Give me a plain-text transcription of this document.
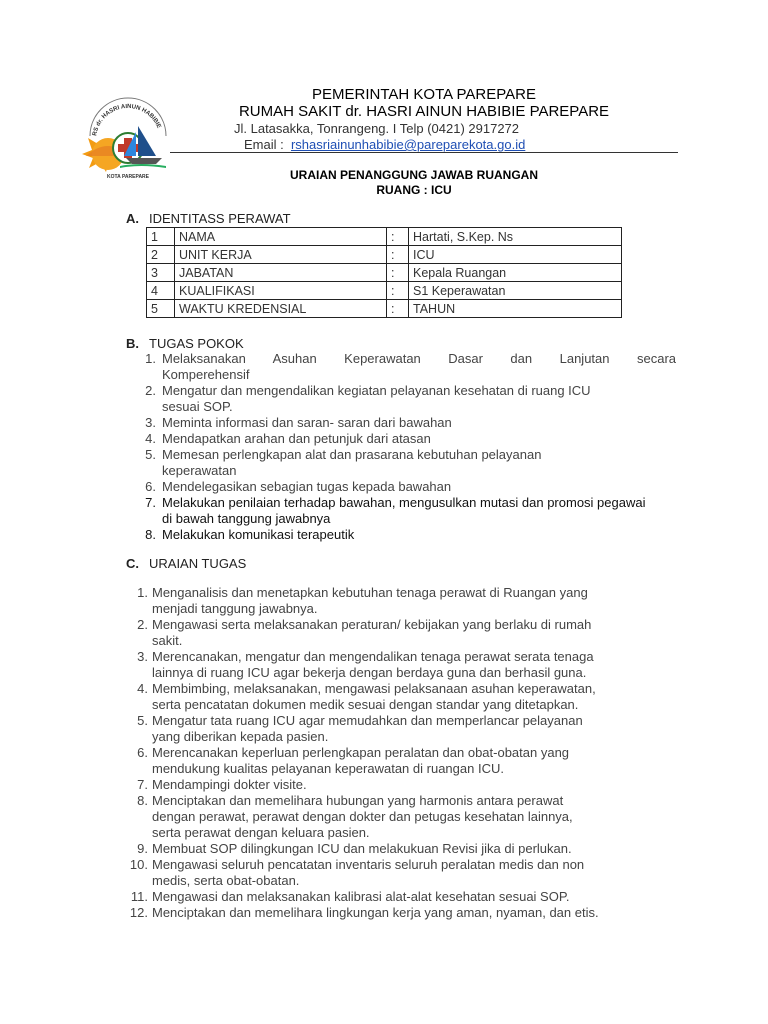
RS dr. HASRI AINUN HABIBIE
KOTA PAREPARE
PEMERINTAH KOTA PAREPARE
RUMAH SAKIT dr. HASRI AINUN HABIBIE PAREPARE
Jl. Latasakka, Tonrangeng. I Telp (0421) 2917272
Email : rshasriainunhabibie@pareparekota.go.id
URAIAN PENANGGUNG JAWAB RUANGAN
RUANG : ICU
A. IDENTITASS PERAWAT
1	NAMA	:	Hartati, S.Kep. Ns
2	UNIT KERJA	:	ICU
3	JABATAN	:	Kepala Ruangan
4	KUALIFIKASI	:	S1 Keperawatan
5	WAKTU KREDENSIAL	:	TAHUN
B. TUGAS POKOK
1. Melaksanakan Asuhan Keperawatan Dasar dan Lanjutan secara
Komperehensif
2. Mengatur dan mengendalikan kegiatan pelayanan kesehatan di ruang ICU
sesuai SOP.
3. Meminta informasi dan saran- saran dari bawahan
4. Mendapatkan arahan dan petunjuk dari atasan
5. Memesan perlengkapan alat dan prasarana kebutuhan pelayanan
keperawatan
6. Mendelegasikan sebagian tugas kepada bawahan
7. Melakukan penilaian terhadap bawahan, mengusulkan mutasi dan promosi pegawai
di bawah tanggung jawabnya
8. Melakukan komunikasi terapeutik
C. URAIAN TUGAS
1. Menganalisis dan menetapkan kebutuhan tenaga perawat di Ruangan yang
menjadi tanggung jawabnya.
2. Mengawasi serta melaksanakan peraturan/ kebijakan yang berlaku di rumah
sakit.
3. Merencanakan, mengatur dan mengendalikan tenaga perawat serata tenaga
lainnya di ruang ICU agar bekerja dengan berdaya guna dan berhasil guna.
4. Membimbing, melaksanakan, mengawasi pelaksanaan asuhan keperawatan,
serta pencatatan dokumen medik sesuai dengan standar yang ditetapkan.
5. Mengatur tata ruang ICU agar memudahkan dan memperlancar pelayanan
yang diberikan kepada pasien.
6. Merencanakan keperluan perlengkapan peralatan dan obat-obatan yang
mendukung kualitas pelayanan keperawatan di ruangan ICU.
7. Mendampingi dokter visite.
8. Menciptakan dan memelihara hubungan yang harmonis antara perawat
dengan perawat, perawat dengan dokter dan petugas kesehatan lainnya,
serta perawat dengan keluara pasien.
9. Membuat SOP dilingkungan ICU dan melakukuan Revisi jika di perlukan.
10. Mengawasi seluruh pencatatan inventaris seluruh peralatan medis dan non
medis, serta obat-obatan.
11. Mengawasi dan melaksanakan kalibrasi alat-alat kesehatan sesuai SOP.
12. Menciptakan dan memelihara lingkungan kerja yang aman, nyaman, dan etis.
